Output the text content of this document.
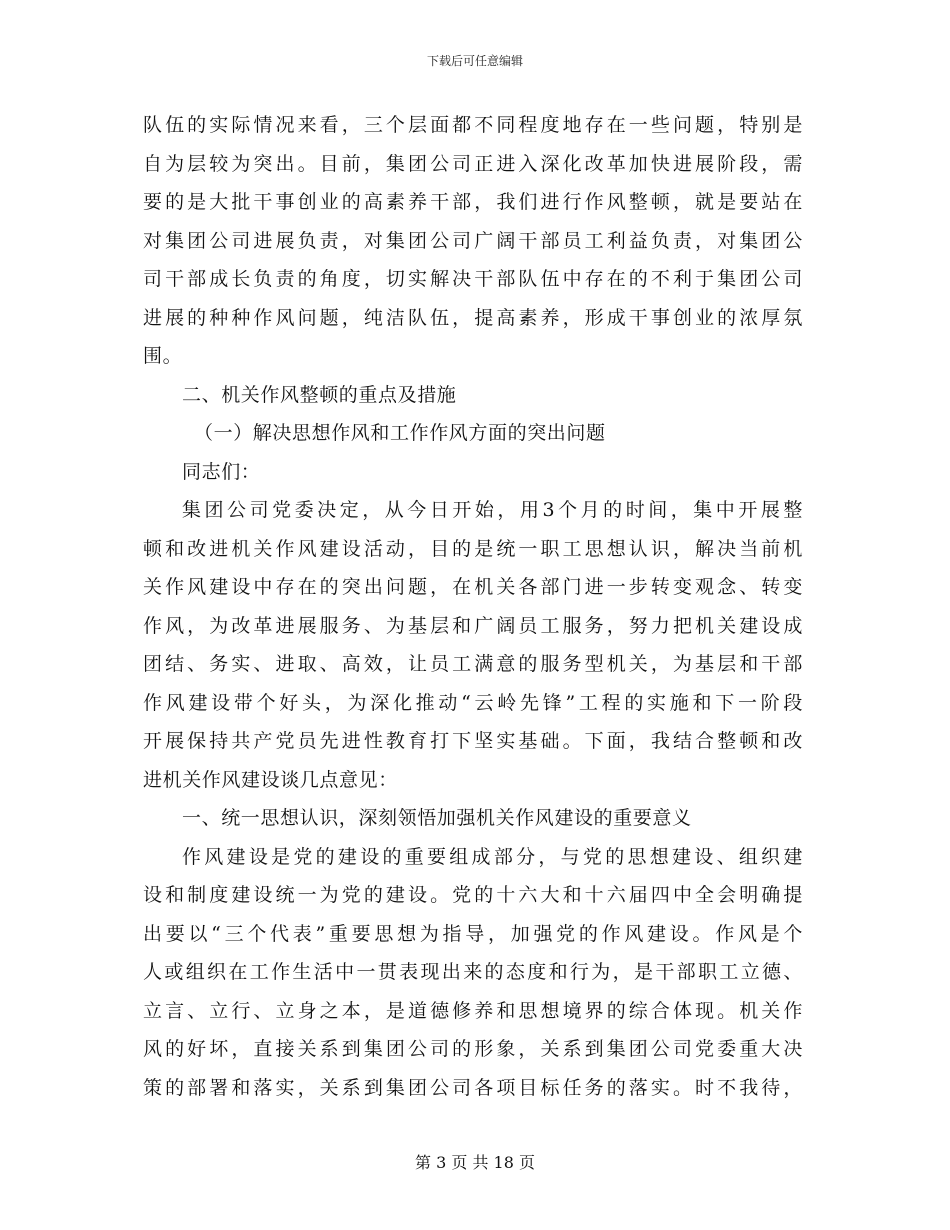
下载后可任意编辑
队伍的实际情况来看，三个层面都不同程度地存在一些问题，特别是
自为层较为突出。目前，集团公司正进入深化改革加快进展阶段，需
要的是大批干事创业的高素养干部，我们进行作风整顿，就是要站在
对集团公司进展负责，对集团公司广阔干部员工利益负责，对集团公
司干部成长负责的角度，切实解决干部队伍中存在的不利于集团公司
进展的种种作风问题，纯洁队伍，提高素养，形成干事创业的浓厚氛
围。
二、机关作风整顿的重点及措施
（一）解决思想作风和工作作风方面的突出问题
同志们：
集团公司党委决定，从今日开始，用3个月的时间，集中开展整
顿和改进机关作风建设活动，目的是统一职工思想认识，解决当前机
关作风建设中存在的突出问题，在机关各部门进一步转变观念、转变
作风，为改革进展服务、为基层和广阔员工服务，努力把机关建设成
团结、务实、进取、高效，让员工满意的服务型机关，为基层和干部
作风建设带个好头，为深化推动“云岭先锋”工程的实施和下一阶段
开展保持共产党员先进性教育打下坚实基础。下面，我结合整顿和改
进机关作风建设谈几点意见：
一、统一思想认识，深刻领悟加强机关作风建设的重要意义
作风建设是党的建设的重要组成部分，与党的思想建设、组织建
设和制度建设统一为党的建设。党的十六大和十六届四中全会明确提
出要以“三个代表”重要思想为指导，加强党的作风建设。作风是个
人或组织在工作生活中一贯表现出来的态度和行为，是干部职工立德、
立言、立行、立身之本，是道德修养和思想境界的综合体现。机关作
风的好坏，直接关系到集团公司的形象，关系到集团公司党委重大决
策的部署和落实，关系到集团公司各项目标任务的落实。时不我待，
第 3 页 共 18 页
